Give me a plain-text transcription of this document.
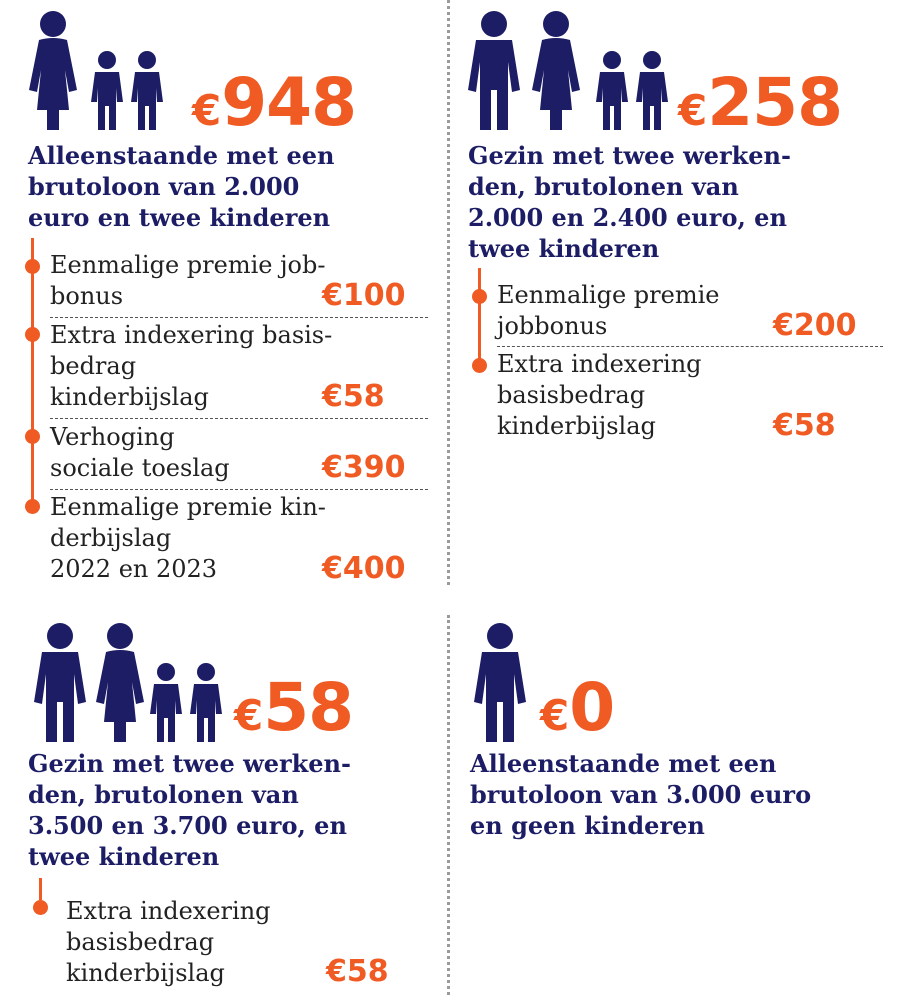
€948
Alleenstaande met een
brutoloon van 2.000
euro en twee kinderen
Eenmalige premie job-
bonus	€100
Extra indexering basis-
bedrag
kinderbijslag	€58
Verhoging
sociale toeslag	€390
Eenmalige premie kin-
derbijslag
2022 en 2023	€400
€258
Gezin met twee werken-
den, brutolonen van
2.000 en 2.400 euro, en
twee kinderen
Eenmalige premie
jobbonus	€200
Extra indexering
basisbedrag
kinderbijslag	€58
€58
Gezin met twee werken-
den, brutolonen van
3.500 en 3.700 euro, en
twee kinderen
Extra indexering
basisbedrag
kinderbijslag	€58
€0
Alleenstaande met een
brutoloon van 3.000 euro
en geen kinderen
